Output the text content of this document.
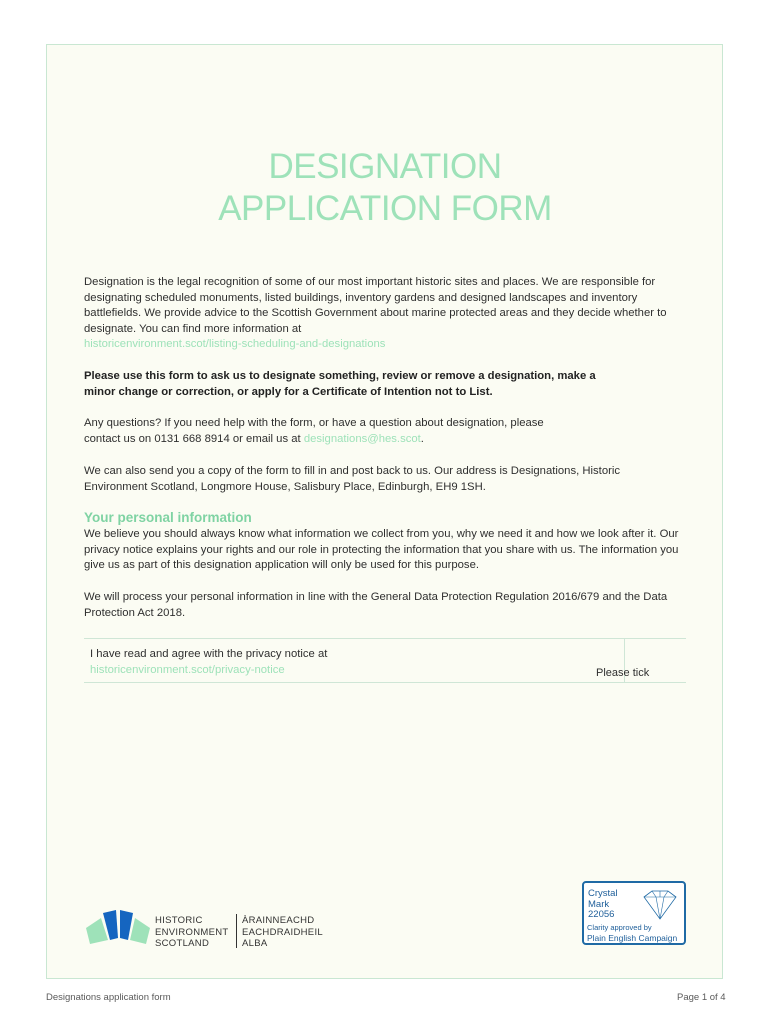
DESIGNATION
APPLICATION FORM
Designation is the legal recognition of some of our most important historic sites and places. We are responsible for designating scheduled monuments, listed buildings, inventory gardens and designed landscapes and inventory battlefields. We provide advice to the Scottish Government about marine protected areas and they decide whether to designate. You can find more information at
historicenvironment.scot/listing-scheduling-and-designations
Please use this form to ask us to designate something, review or remove a designation, make a minor change or correction, or apply for a Certificate of Intention not to List.
Any questions? If you need help with the form, or have a question about designation, please contact us on 0131 668 8914 or email us at designations@hes.scot.
We can also send you a copy of the form to fill in and post back to us. Our address is Designations, Historic Environment Scotland, Longmore House, Salisbury Place, Edinburgh, EH9 1SH.
Your personal information
We believe you should always know what information we collect from you, why we need it and how we look after it. Our privacy notice explains your rights and our role in protecting the information that you share with us. The information you give us as part of this designation application will only be used for this purpose.
We will process your personal information in line with the General Data Protection Regulation 2016/679 and the Data Protection Act 2018.
I have read and agree with the privacy notice at
historicenvironment.scot/privacy-notice	Please tick
HISTORIC
ENVIRONMENT
SCOTLAND
ÀRAINNEACHD
EACHDRAIDHEIL
ALBA
Crystal
Mark
22056
Clarity approved by
Plain English Campaign
Designations application form	Page 1 of 4
